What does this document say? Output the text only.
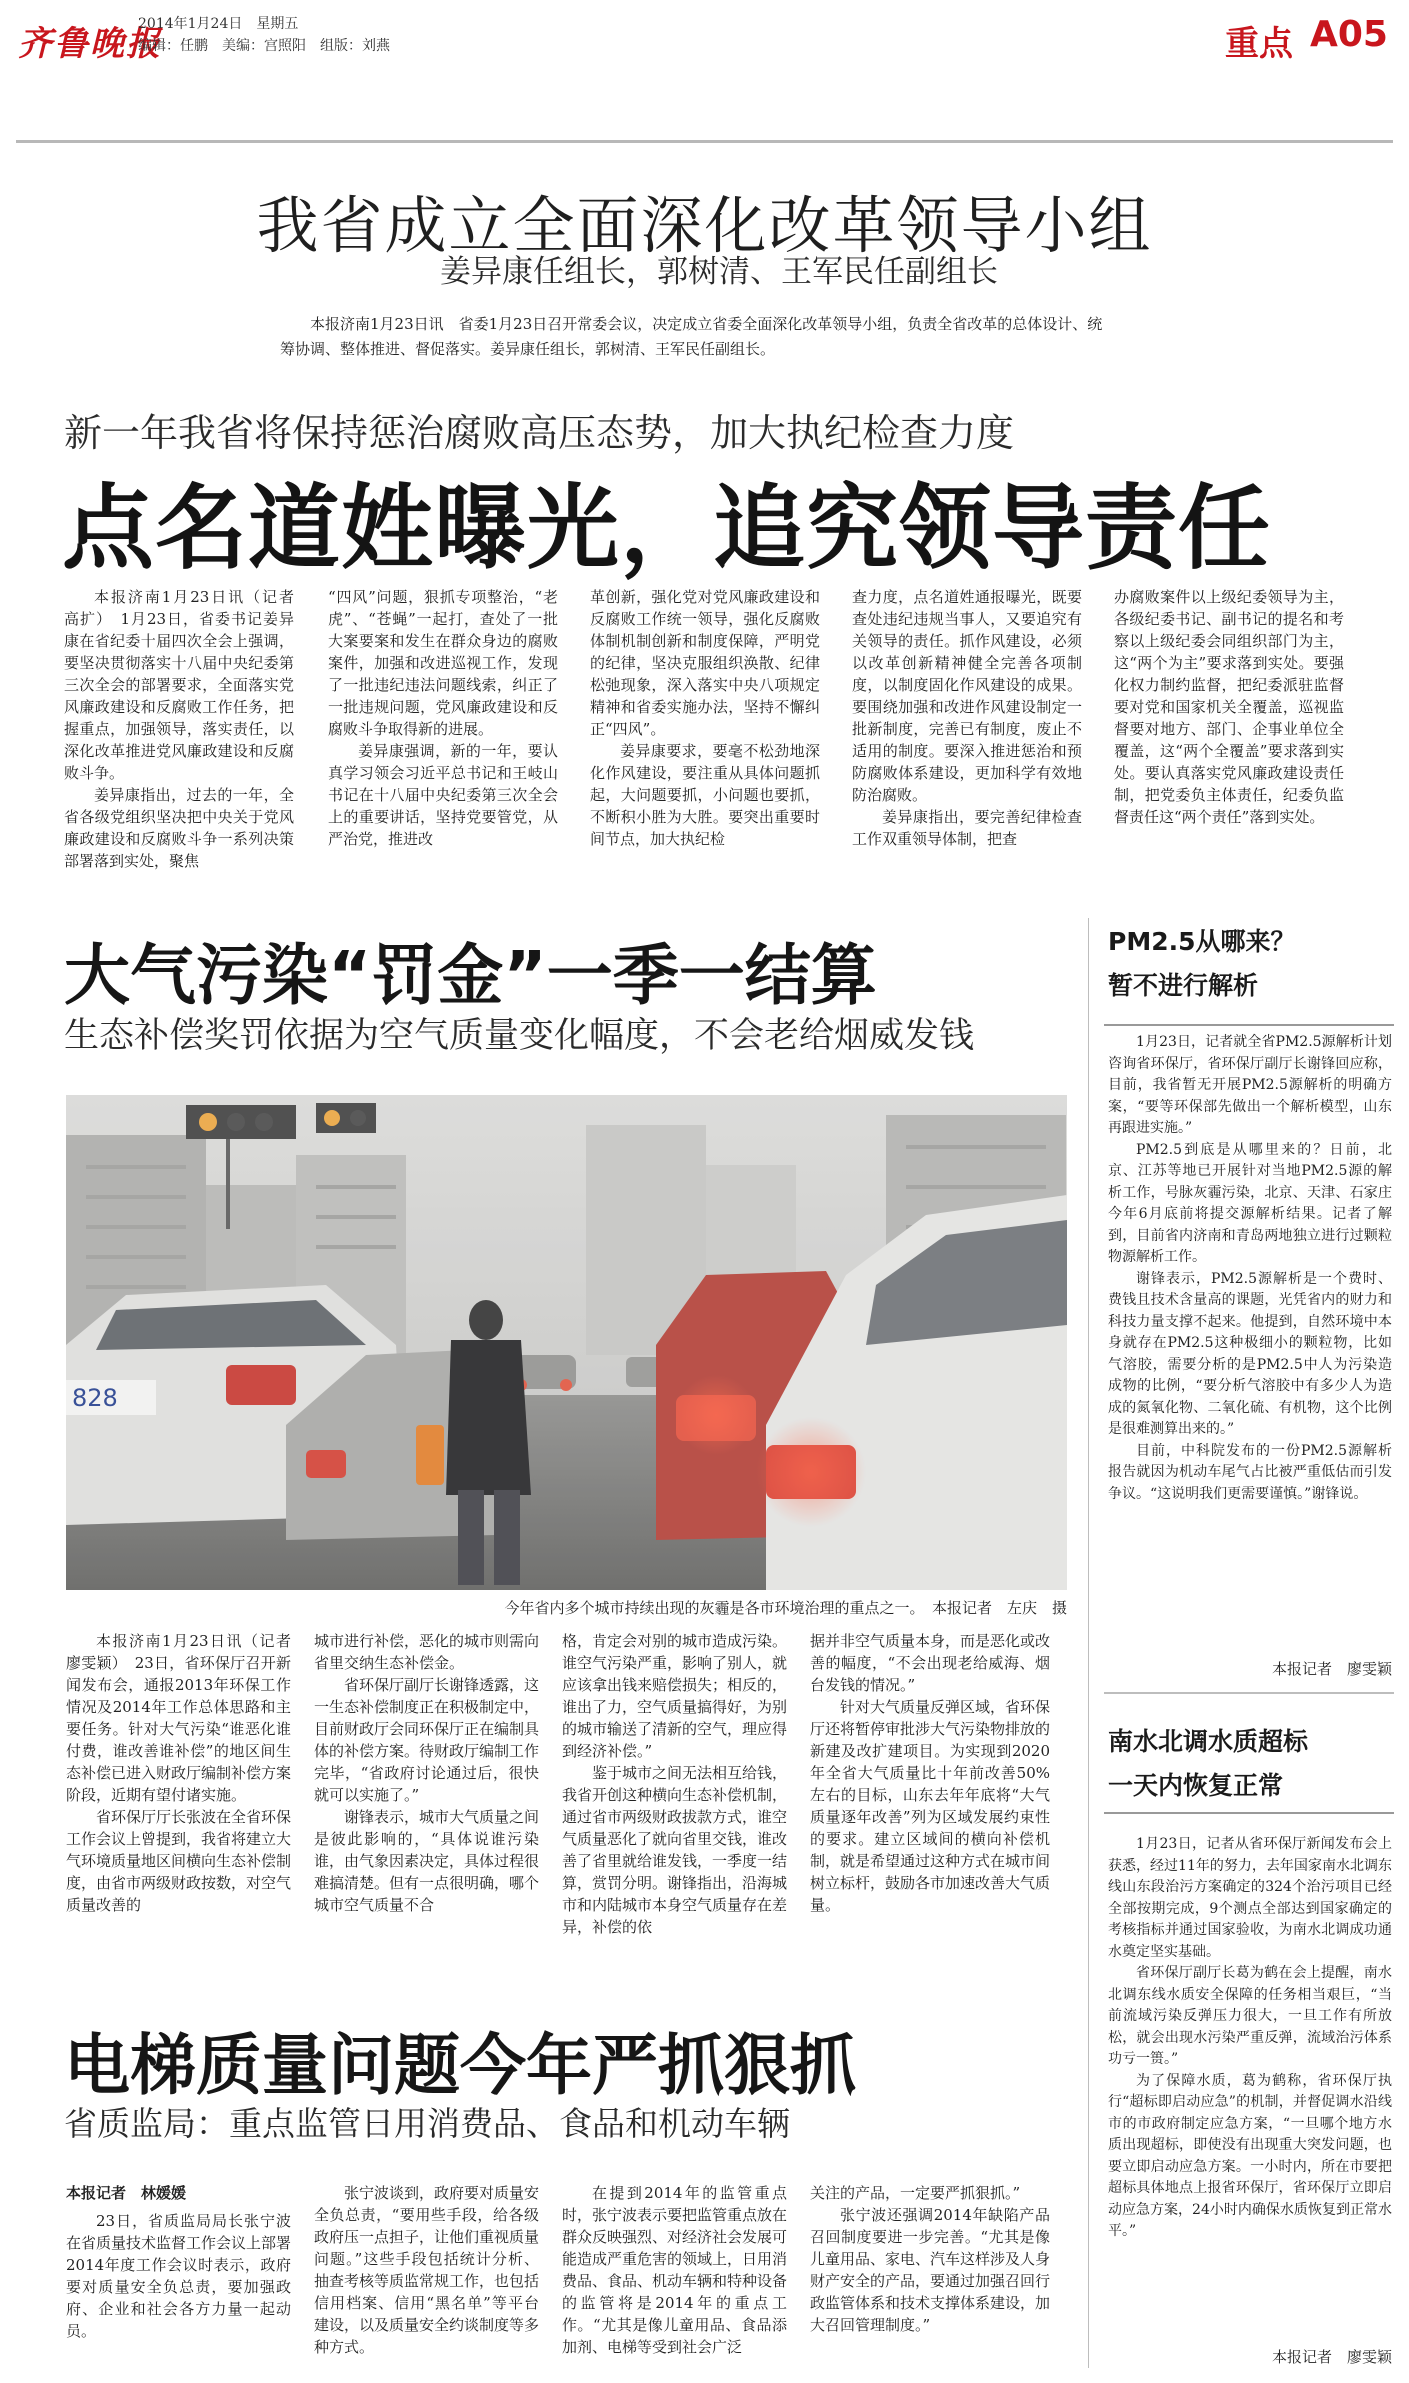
齐鲁晚报
2014年1月24日　星期五
编辑：任鹏　美编：宫照阳　组版：刘燕	重点 A05
我省成立全面深化改革领导小组
姜异康任组长，郭树清、王军民任副组长
本报济南1月23日讯　省委1月23日召开常委会议，决定成立省委全面深化改革领导小组，负责全省改革的总体设计、统
筹协调、整体推进、督促落实。姜异康任组长，郭树清、王军民任副组长。
新一年我省将保持惩治腐败高压态势，加大执纪检查力度
点名道姓曝光，追究领导责任

本报济南1月23日讯（记者　高扩）　1月23日，省委书记姜异康在省纪委十届四次全会上强调，要坚决贯彻落实十八届中央纪委第三次全会的部署要求，全面落实党风廉政建设和反腐败工作任务，把握重点，加强领导，落实责任，以深化改革推进党风廉政建设和反腐败斗争。

姜异康指出，过去的一年，全省各级党组织坚决把中央关于党风廉政建设和反腐败斗争一系列决策部署落到实处，聚焦

“四风”问题，狠抓专项整治，“老虎”、“苍蝇”一起打，查处了一批大案要案和发生在群众身边的腐败案件，加强和改进巡视工作，发现了一批违纪违法问题线索，纠正了一批违规问题，党风廉政建设和反腐败斗争取得新的进展。

姜异康强调，新的一年，要认真学习领会习近平总书记和王岐山书记在十八届中央纪委第三次全会上的重要讲话，坚持党要管党，从严治党，推进改

革创新，强化党对党风廉政建设和反腐败工作统一领导，强化反腐败体制机制创新和制度保障，严明党的纪律，坚决克服组织涣散、纪律松弛现象，深入落实中央八项规定精神和省委实施办法，坚持不懈纠正“四风”。

姜异康要求，要毫不松劲地深化作风建设，要注重从具体问题抓起，大问题要抓，小问题也要抓，不断积小胜为大胜。要突出重要时间节点，加大执纪检

查力度，点名道姓通报曝光，既要查处违纪违规当事人，又要追究有关领导的责任。抓作风建设，必须以改革创新精神健全完善各项制度，以制度固化作风建设的成果。要围绕加强和改进作风建设制定一批新制度，完善已有制度，废止不适用的制度。要深入推进惩治和预防腐败体系建设，更加科学有效地防治腐败。

姜异康指出，要完善纪律检查工作双重领导体制，把查

办腐败案件以上级纪委领导为主，各级纪委书记、副书记的提名和考察以上级纪委会同组织部门为主，这“两个为主”要求落到实处。要强化权力制约监督，把纪委派驻监督要对党和国家机关全覆盖，巡视监督要对地方、部门、企事业单位全覆盖，这“两个全覆盖”要求落到实处。要认真落实党风廉政建设责任制，把党委负主体责任，纪委负监督责任这“两个责任”落到实处。

大气污染“罚金”一季一结算
生态补偿奖罚依据为空气质量变化幅度，不会老给烟威发钱
828
今年省内多个城市持续出现的灰霾是各市环境治理的重点之一。　本报记者　左庆　摄

本报济南1月23日讯（记者　廖雯颖）　23日，省环保厅召开新闻发布会，通报2013年环保工作情况及2014年工作总体思路和主要任务。针对大气污染“谁恶化谁付费，谁改善谁补偿”的地区间生态补偿已进入财政厅编制补偿方案阶段，近期有望付诸实施。

省环保厅厅长张波在全省环保工作会议上曾提到，我省将建立大气环境质量地区间横向生态补偿制度，由省市两级财政按数，对空气质量改善的

城市进行补偿，恶化的城市则需向省里交纳生态补偿金。

省环保厅副厅长谢锋透露，这一生态补偿制度正在积极制定中，目前财政厅会同环保厅正在编制具体的补偿方案。待财政厅编制工作完毕，“省政府讨论通过后，很快就可以实施了。”

谢锋表示，城市大气质量之间是彼此影响的，“具体说谁污染谁，由气象因素决定，具体过程很难搞清楚。但有一点很明确，哪个城市空气质量不合

格，肯定会对别的城市造成污染。谁空气污染严重，影响了别人，就应该拿出钱来赔偿损失；相反的，谁出了力，空气质量搞得好，为别的城市输送了清新的空气，理应得到经济补偿。”

鉴于城市之间无法相互给钱，我省开创这种横向生态补偿机制，通过省市两级财政拔款方式，谁空气质量恶化了就向省里交钱，谁改善了省里就给谁发钱，一季度一结算，赏罚分明。谢锋指出，沿海城市和内陆城市本身空气质量存在差异，补偿的依

据并非空气质量本身，而是恶化或改善的幅度，“不会出现老给威海、烟台发钱的情况。”

针对大气质量反弹区域，省环保厅还将暂停审批涉大气污染物排放的新建及改扩建项目。为实现到2020年全省大气质量比十年前改善50%左右的目标，山东去年年底将“大气质量逐年改善”列为区域发展约束性的要求。建立区域间的横向补偿机制，就是希望通过这种方式在城市间树立标杆，鼓励各市加速改善大气质量。

PM2.5从哪来？
暂不进行解析

1月23日，记者就全省PM2.5源解析计划咨询省环保厅，省环保厅副厅长谢锋回应称，目前，我省暂无开展PM2.5源解析的明确方案，“要等环保部先做出一个解析模型，山东再跟进实施。”

PM2.5到底是从哪里来的？日前，北京、江苏等地已开展针对当地PM2.5源的解析工作，号脉灰霾污染，北京、天津、石家庄今年6月底前将提交源解析结果。记者了解到，目前省内济南和青岛两地独立进行过颗粒物源解析工作。

谢锋表示，PM2.5源解析是一个费时、费钱且技术含量高的课题，光凭省内的财力和科技力量支撑不起来。他提到，自然环境中本身就存在PM2.5这种极细小的颗粒物，比如气溶胶，需要分析的是PM2.5中人为污染造成物的比例，“要分析气溶胶中有多少人为造成的氮氧化物、二氧化硫、有机物，这个比例是很难测算出来的。”

目前，中科院发布的一份PM2.5源解析报告就因为机动车尾气占比被严重低估而引发争议。“这说明我们更需要谨慎。”谢锋说。

本报记者　廖雯颖
南水北调水质超标
一天内恢复正常

1月23日，记者从省环保厅新闻发布会上获悉，经过11年的努力，去年国家南水北调东线山东段治污方案确定的324个治污项目已经全部按期完成，9个测点全部达到国家确定的考核指标并通过国家验收，为南水北调成功通水奠定坚实基础。

省环保厅副厅长葛为鹤在会上提醒，南水北调东线水质安全保障的任务相当艰巨，“当前流域污染反弹压力很大，一旦工作有所放松，就会出现水污染严重反弹，流域治污体系功亏一篑。”

为了保障水质，葛为鹤称，省环保厅执行“超标即启动应急”的机制，并督促调水沿线市的市政府制定应急方案，“一旦哪个地方水质出现超标，即使没有出现重大突发问题，也要立即启动应急方案。一小时内，所在市要把超标具体地点上报省环保厅，省环保厅立即启动应急方案，24小时内确保水质恢复到正常水平。”

本报记者　廖雯颖
电梯质量问题今年严抓狠抓
省质监局：重点监管日用消费品、食品和机动车辆
本报记者　林媛媛

23日，省质监局局长张宁波在省质量技术监督工作会议上部署2014年度工作会议时表示，政府要对质量安全负总责，要加强政府、企业和社会各方力量一起动员。

张宁波谈到，政府要对质量安全负总责，“要用些手段，给各级政府压一点担子，让他们重视质量问题。”这些手段包括统计分析、抽查考核等质监常规工作，也包括信用档案、信用“黑名单”等平台建设，以及质量安全约谈制度等多种方式。

在提到2014年的监管重点时，张宁波表示要把监管重点放在群众反映强烈、对经济社会发展可能造成严重危害的领域上，日用消费品、食品、机动车辆和特种设备的监管将是2014年的重点工作。“尤其是像儿童用品、食品添加剂、电梯等受到社会广泛

关注的产品，一定要严抓狠抓。”

张宁波还强调2014年缺陷产品召回制度要进一步完善。“尤其是像儿童用品、家电、汽车这样涉及人身财产安全的产品，要通过加强召回行政监管体系和技术支撑体系建设，加大召回管理制度。”
